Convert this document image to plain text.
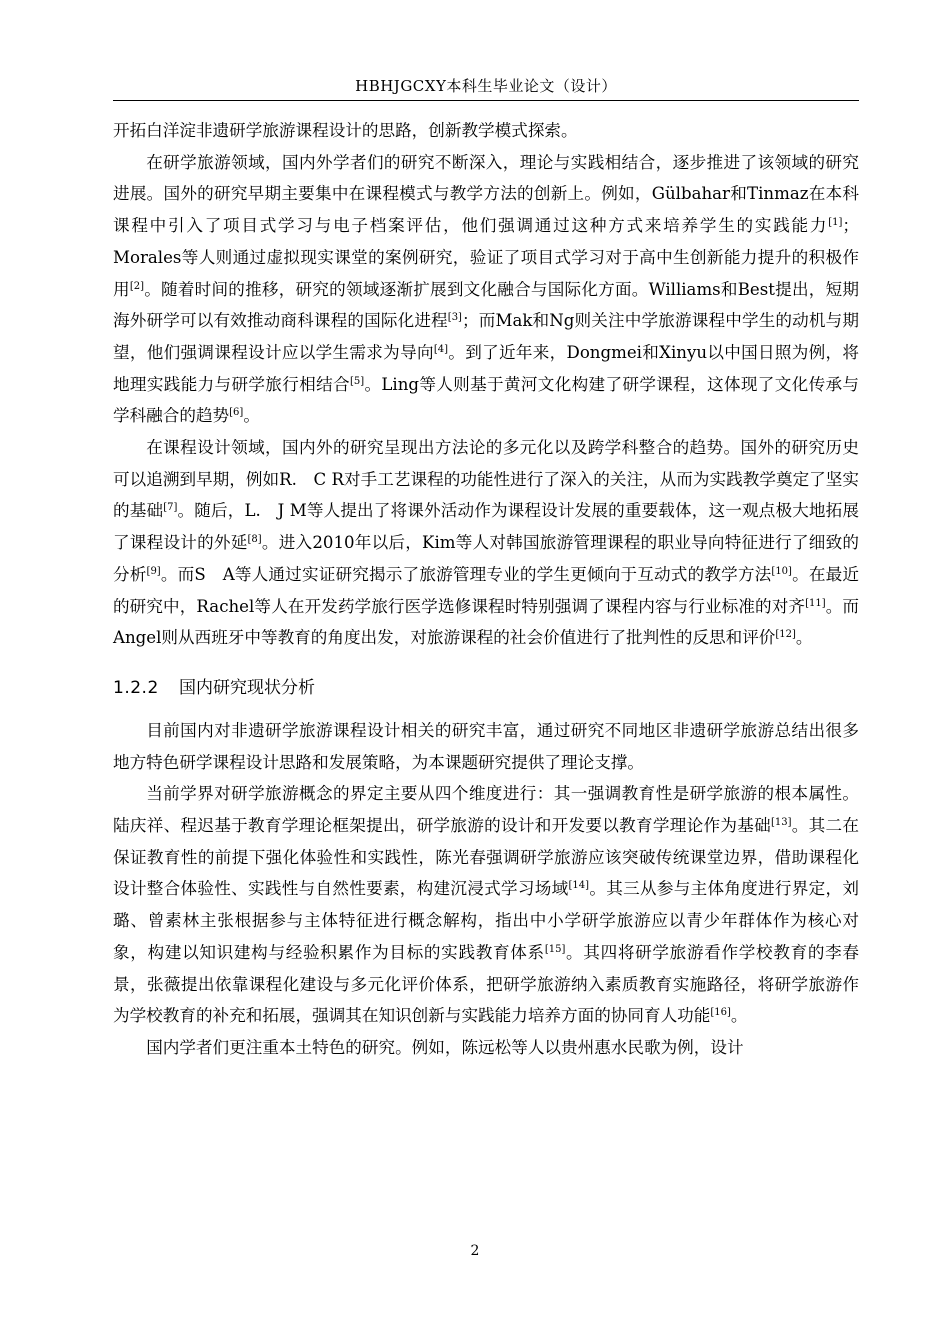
HBHJGCXY本科生毕业论文（设计）

开拓白洋淀非遗研学旅游课程设计的思路，创新教学模式探索。

在研学旅游领域，国内外学者们的研究不断深入，理论与实践相结合，逐步推进了该领域的研究进展。国外的研究早期主要集中在课程模式与教学方法的创新上。例如，Gülbahar和Tinmaz在本科课程中引入了项目式学习与电子档案评估，他们强调通过这种方式来培养学生的实践能力[1]；Morales等人则通过虚拟现实课堂的案例研究，验证了项目式学习对于高中生创新能力提升的积极作用[2]。随着时间的推移，研究的领域逐渐扩展到文化融合与国际化方面。Williams和Best提出，短期海外研学可以有效推动商科课程的国际化进程[3]；而Mak和Ng则关注中学旅游课程中学生的动机与期望，他们强调课程设计应以学生需求为导向[4]。到了近年来，Dongmei和Xinyu以中国日照为例，将地理实践能力与研学旅行相结合[5]。Ling等人则基于黄河文化构建了研学课程，这体现了文化传承与学科融合的趋势[6]。

在课程设计领域，国内外的研究呈现出方法论的多元化以及跨学科整合的趋势。国外的研究历史可以追溯到早期，例如R.　C R对手工艺课程的功能性进行了深入的关注，从而为实践教学奠定了坚实的基础[7]。随后，L.　J M等人提出了将课外活动作为课程设计发展的重要载体，这一观点极大地拓展了课程设计的外延[8]。进入2010年以后，Kim等人对韩国旅游管理课程的职业导向特征进行了细致的分析[9]。而S　A等人通过实证研究揭示了旅游管理专业的学生更倾向于互动式的教学方法[10]。在最近的研究中，Rachel等人在开发药学旅行医学选修课程时特别强调了课程内容与行业标准的对齐[11]。而Angel则从西班牙中等教育的角度出发，对旅游课程的社会价值进行了批判性的反思和评价[12]。

1.2.2 国内研究现状分析

目前国内对非遗研学旅游课程设计相关的研究丰富，通过研究不同地区非遗研学旅游总结出很多地方特色研学课程设计思路和发展策略，为本课题研究提供了理论支撑。

当前学界对研学旅游概念的界定主要从四个维度进行：其一强调教育性是研学旅游的根本属性。陆庆祥、程迟基于教育学理论框架提出，研学旅游的设计和开发要以教育学理论作为基础[13]。其二在保证教育性的前提下强化体验性和实践性，陈光春强调研学旅游应该突破传统课堂边界，借助课程化设计整合体验性、实践性与自然性要素，构建沉浸式学习场域[14]。其三从参与主体角度进行界定，刘璐、曾素林主张根据参与主体特征进行概念解构，指出中小学研学旅游应以青少年群体作为核心对象，构建以知识建构与经验积累作为目标的实践教育体系[15]。其四将研学旅游看作学校教育的李春景，张薇提出依靠课程化建设与多元化评价体系，把研学旅游纳入素质教育实施路径，将研学旅游作为学校教育的补充和拓展，强调其在知识创新与实践能力培养方面的协同育人功能[16]。

国内学者们更注重本土特色的研究。例如，陈远松等人以贵州惠水民歌为例，设计

2
